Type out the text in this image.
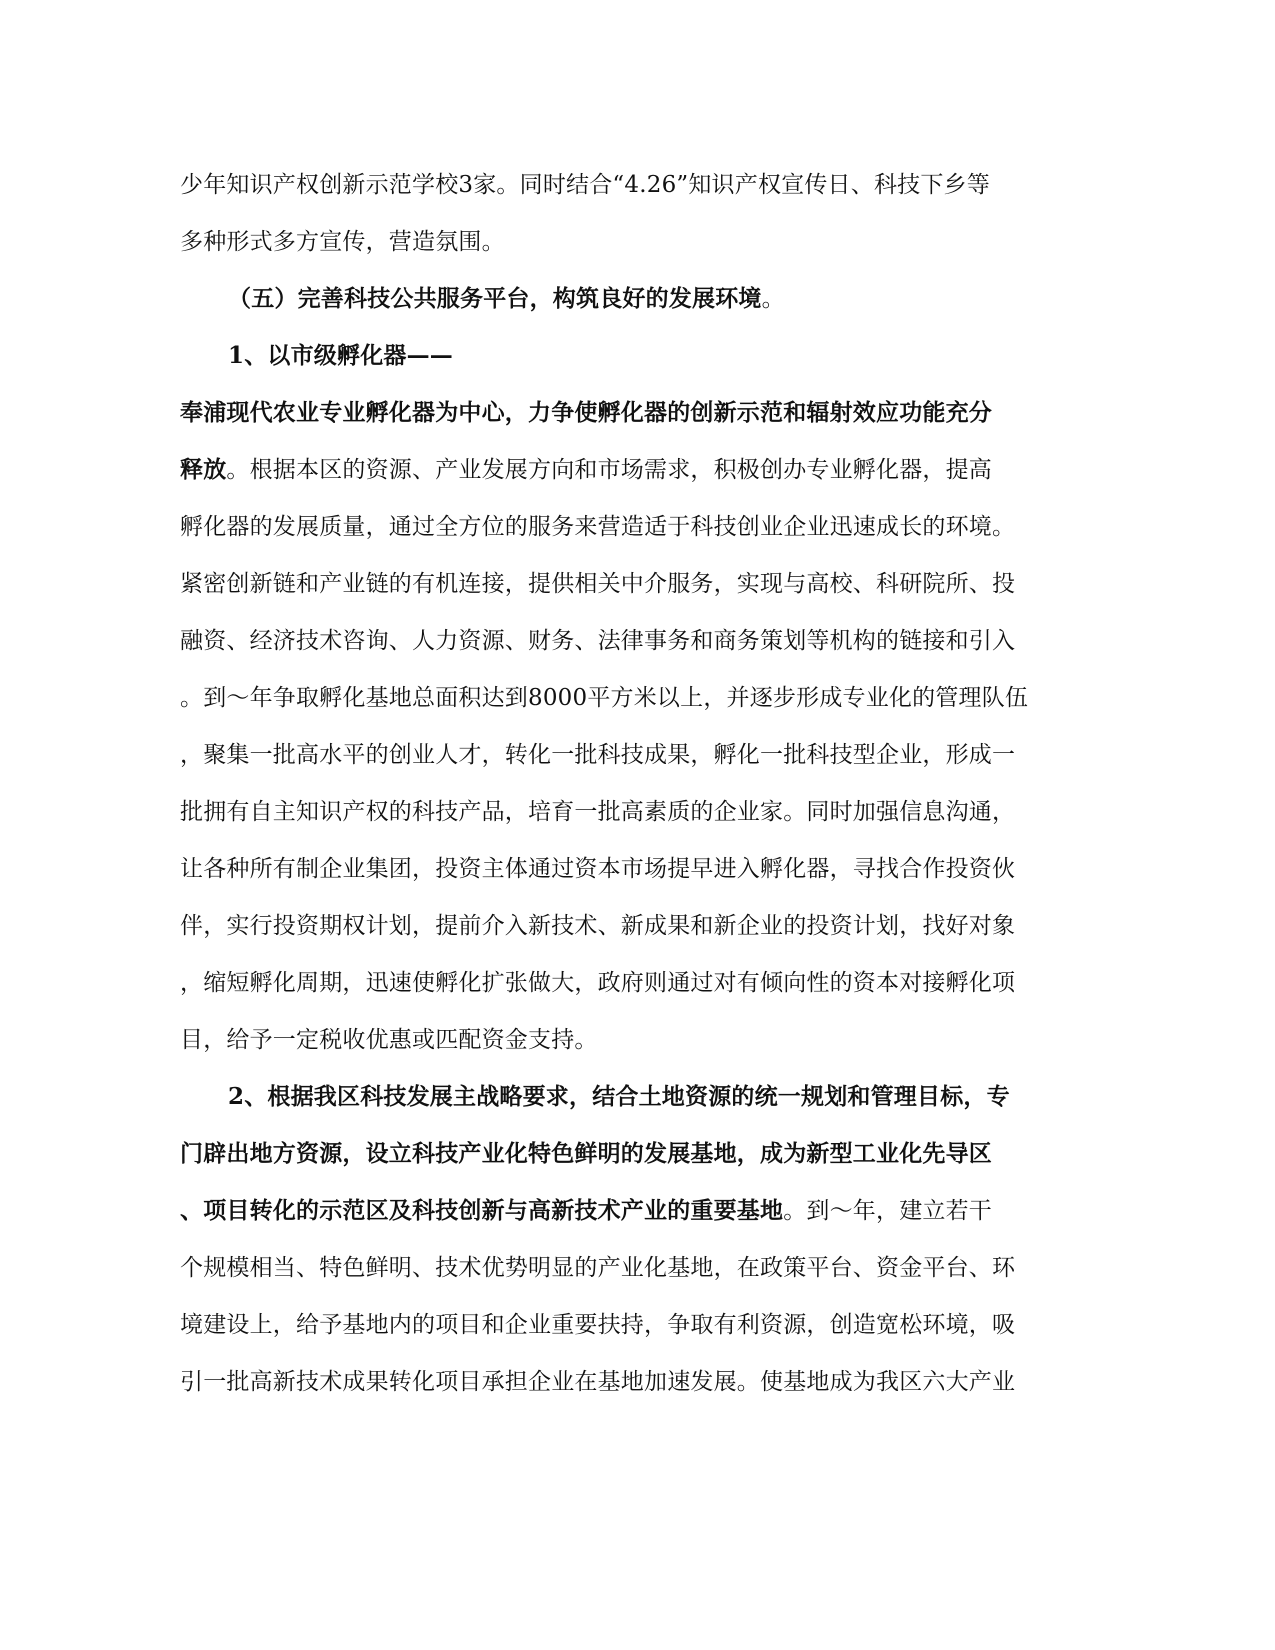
少年知识产权创新示范学校3家。同时结合“4.26”知识产权宣传日、科技下乡等
多种形式多方宣传，营造氛围。
（五）完善科技公共服务平台，构筑良好的发展环境。
1、以市级孵化器——
奉浦现代农业专业孵化器为中心，力争使孵化器的创新示范和辐射效应功能充分
释放。根据本区的资源、产业发展方向和市场需求，积极创办专业孵化器，提高
孵化器的发展质量，通过全方位的服务来营造适于科技创业企业迅速成长的环境。
紧密创新链和产业链的有机连接，提供相关中介服务，实现与高校、科研院所、投
融资、经济技术咨询、人力资源、财务、法律事务和商务策划等机构的链接和引入
。到～年争取孵化基地总面积达到8000平方米以上，并逐步形成专业化的管理队伍
，聚集一批高水平的创业人才，转化一批科技成果，孵化一批科技型企业，形成一
批拥有自主知识产权的科技产品，培育一批高素质的企业家。同时加强信息沟通，
让各种所有制企业集团，投资主体通过资本市场提早进入孵化器，寻找合作投资伙
伴，实行投资期权计划，提前介入新技术、新成果和新企业的投资计划，找好对象
，缩短孵化周期，迅速使孵化扩张做大，政府则通过对有倾向性的资本对接孵化项
目，给予一定税收优惠或匹配资金支持。
2、根据我区科技发展主战略要求，结合土地资源的统一规划和管理目标，专
门辟出地方资源，设立科技产业化特色鲜明的发展基地，成为新型工业化先导区
、项目转化的示范区及科技创新与高新技术产业的重要基地。到～年，建立若干
个规模相当、特色鲜明、技术优势明显的产业化基地，在政策平台、资金平台、环
境建设上，给予基地内的项目和企业重要扶持，争取有利资源，创造宽松环境，吸
引一批高新技术成果转化项目承担企业在基地加速发展。使基地成为我区六大产业
